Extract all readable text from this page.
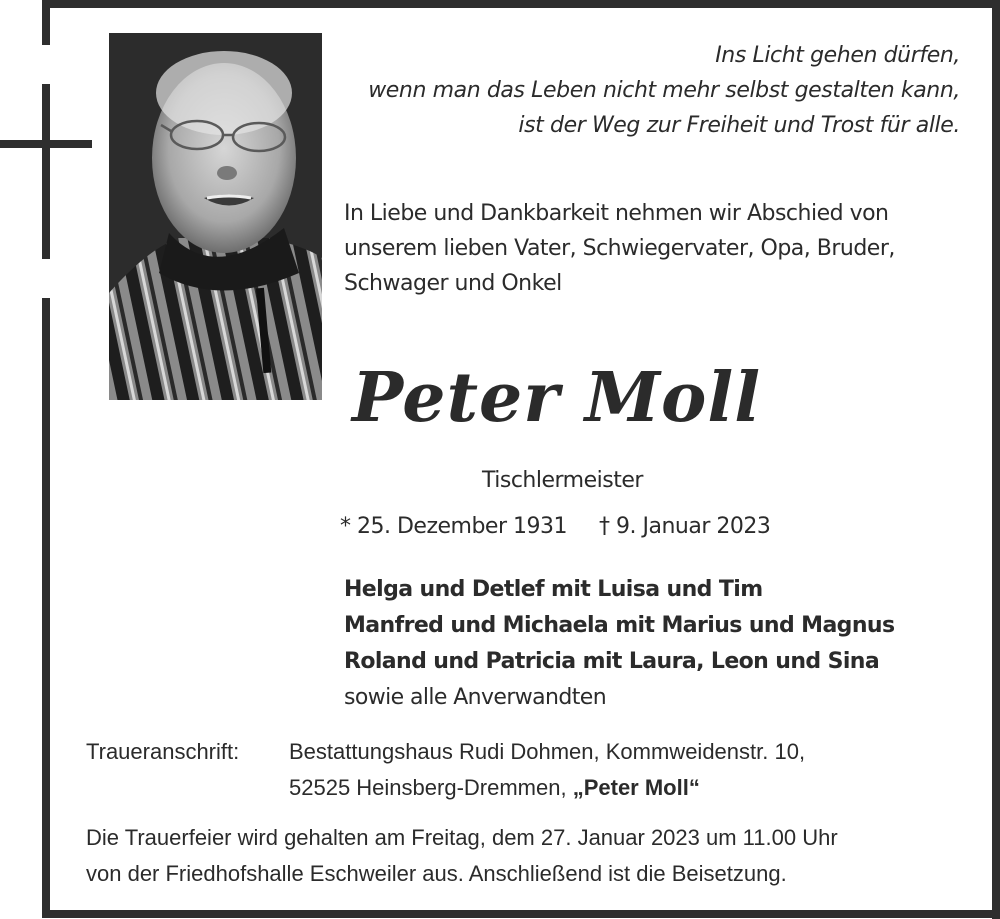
Ins Licht gehen dürfen,
wenn man das Leben nicht mehr selbst gestalten kann,
ist der Weg zur Freiheit und Trost für alle.
In Liebe und Dankbarkeit nehmen wir Abschied von
unserem lieben Vater, Schwiegervater, Opa, Bruder,
Schwager und Onkel
Peter Moll
Tischlermeister
* 25. Dezember 1931 † 9. Januar 2023
Helga und Detlef mit Luisa und Tim
Manfred und Michaela mit Marius und Magnus
Roland und Patricia mit Laura, Leon und Sina
sowie alle Anverwandten
Traueranschrift: Bestattungshaus Rudi Dohmen, Kommweidenstr. 10,
52525 Heinsberg-Dremmen, „Peter Moll“
Die Trauerfeier wird gehalten am Freitag, dem 27. Januar 2023 um 11.00 Uhr
von der Friedhofshalle Eschweiler aus. Anschließend ist die Beisetzung.
